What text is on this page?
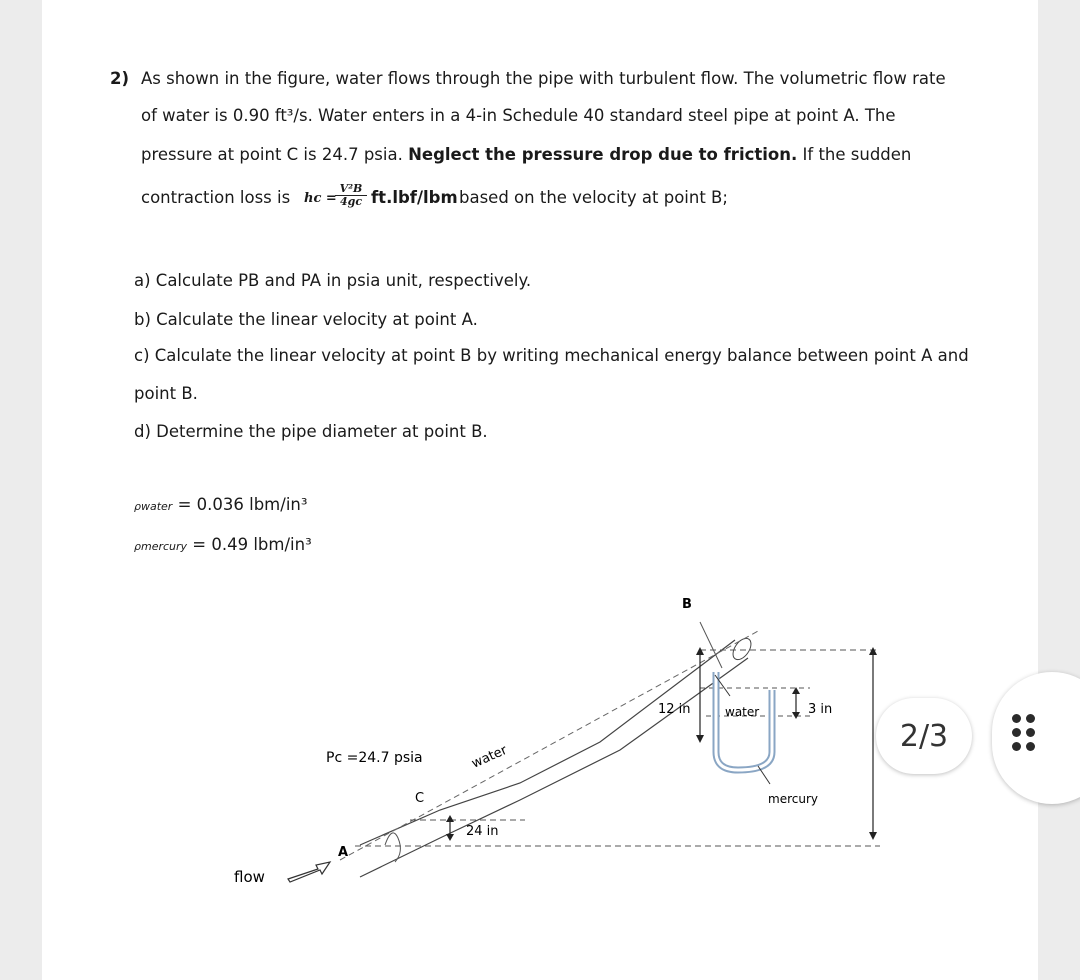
2) As shown in the figure, water flows through the pipe with turbulent flow. The volumetric flow rate
of water is 0.90 ft³/s. Water enters in a 4-in Schedule 40 standard steel pipe at point A. The
pressure at point C is 24.7 psia. Neglect the pressure drop due to friction. If the sudden
contraction loss is hc =
$\frac{\text{V²B}}{4gc} ft.lbf/lbm$ based on the velocity at point B;
a) Calculate PB and PA in psia unit, respectively.
b) Calculate the linear velocity at point A.
c) Calculate the linear velocity at point B by writing mechanical energy balance between point A and
point B.
d) Determine the pipe diameter at point B.
ρwater = 0.036 lbm/in³
ρmercury = 0.49 lbm/in³
B
A
C
Pc =24.7 psia	water
12 in	water	3 in
mercury
24 in
flow
2/3
